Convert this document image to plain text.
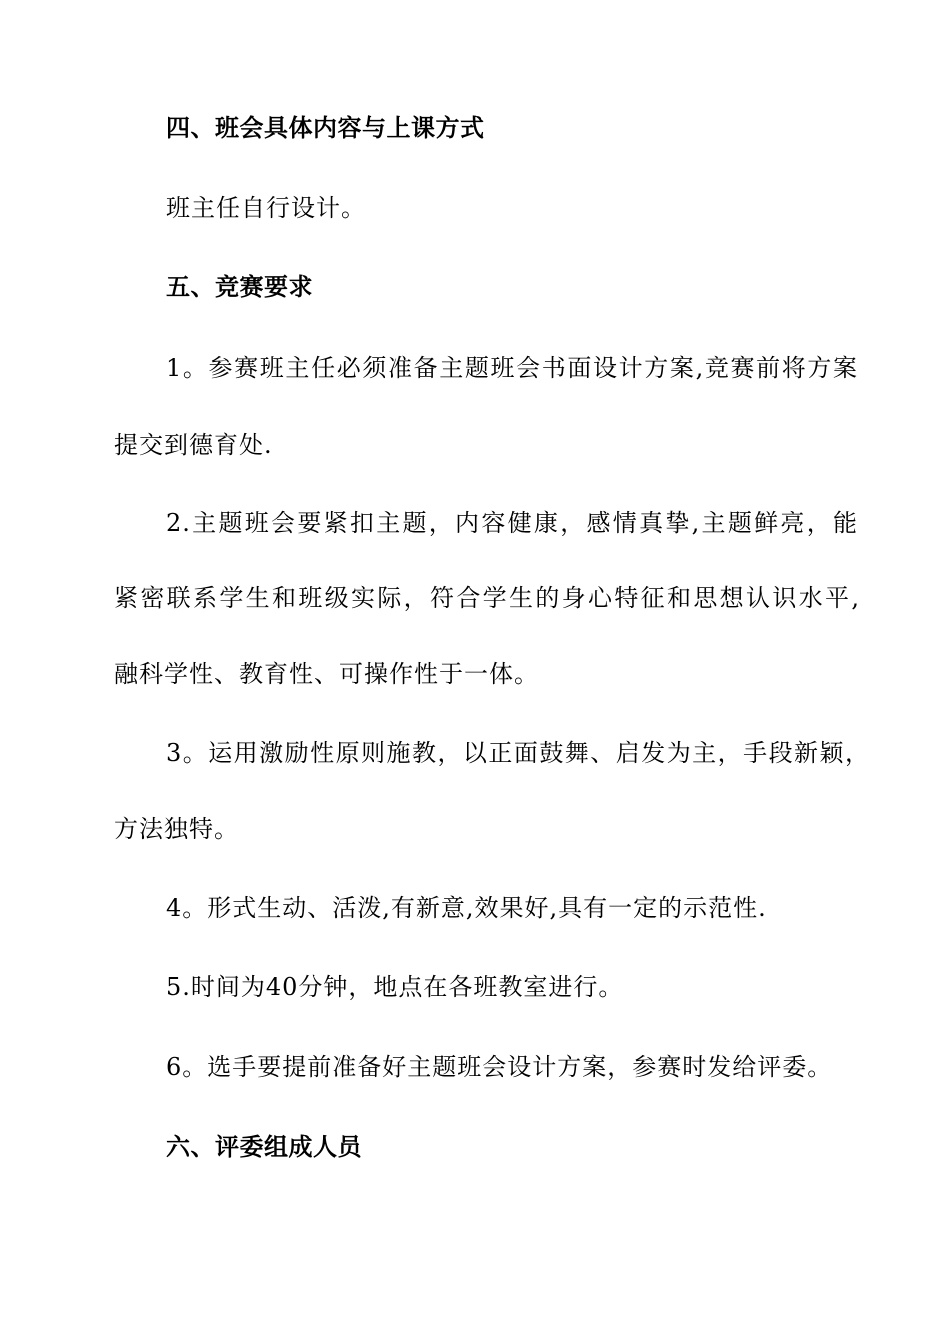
四、班会具体内容与上课方式
班主任自行设计。
五、竞赛要求
1。参赛班主任必须准备主题班会书面设计方案,竞赛前将方案
提交到德育处.
2.主题班会要紧扣主题，内容健康，感情真挚,主题鲜亮，能
紧密联系学生和班级实际，符合学生的身心特征和思想认识水平,
融科学性、教育性、可操作性于一体。
3。运用激励性原则施教，以正面鼓舞、启发为主，手段新颖，
方法独特。
4。形式生动、活泼,有新意,效果好,具有一定的示范性.
5.时间为40分钟，地点在各班教室进行。
6。选手要提前准备好主题班会设计方案，参赛时发给评委。
六、评委组成人员
